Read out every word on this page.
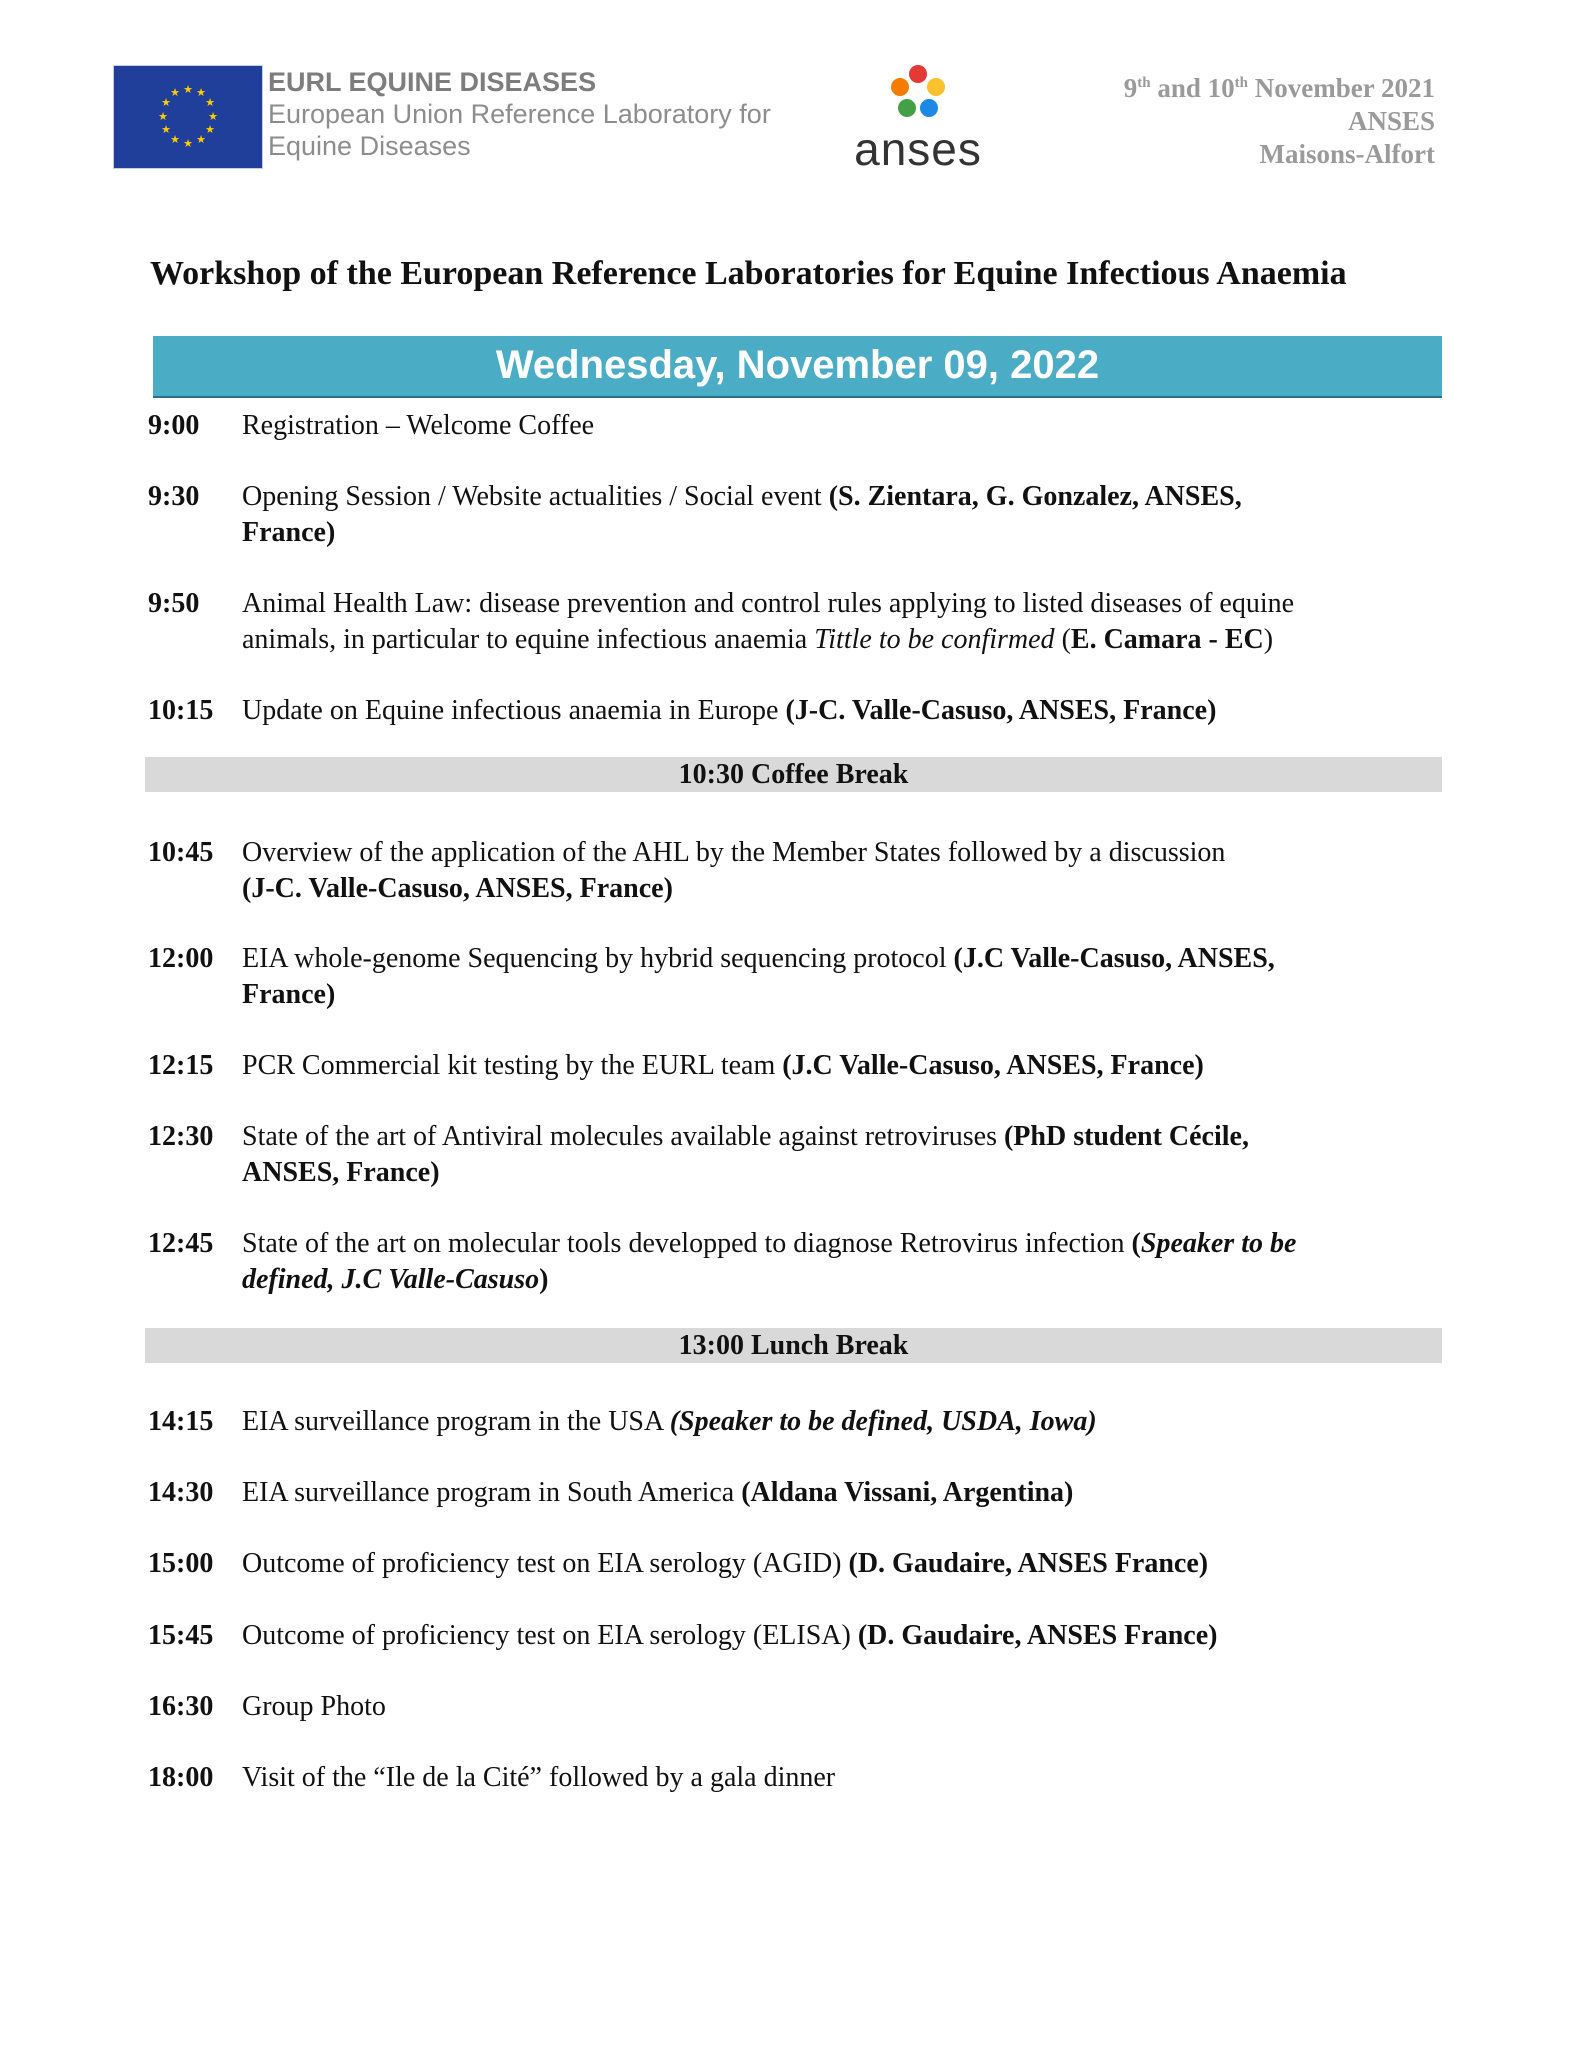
★ ★
★
★
★
★
★
★
★
★
★
★	EURL EQUINE DISEASES
European Union Reference Laboratory for
Equine Diseases	anses
9th and 10th November 2021
ANSES
Maisons-Alfort
Workshop of the European Reference Laboratories for Equine Infectious Anaemia
Wednesday, November 09, 2022
9:00	Registration – Welcome Coffee
9:30	Opening Session / Website actualities / Social event (S. Zientara, G. Gonzalez, ANSES,
France)
9:50	Animal Health Law: disease prevention and control rules applying to listed diseases of equine
animals, in particular to equine infectious anaemia Tittle to be confirmed (E. Camara - EC)
10:15	Update on Equine infectious anaemia in Europe (J-C. Valle-Casuso, ANSES, France)
10:30 Coffee Break
10:45	Overview of the application of the AHL by the Member States followed by a discussion
(J-C. Valle-Casuso, ANSES, France)
12:00	EIA whole-genome Sequencing by hybrid sequencing protocol (J.C Valle-Casuso, ANSES,
France)
12:15	PCR Commercial kit testing by the EURL team (J.C Valle-Casuso, ANSES, France)
12:30	State of the art of Antiviral molecules available against retroviruses (PhD student Cécile,
ANSES, France)
12:45	State of the art on molecular tools developped to diagnose Retrovirus infection (Speaker to be
defined, J.C Valle-Casuso)
13:00 Lunch Break
14:15	EIA surveillance program in the USA (Speaker to be defined, USDA, Iowa)
14:30	EIA surveillance program in South America (Aldana Vissani, Argentina)
15:00	Outcome of proficiency test on EIA serology (AGID) (D. Gaudaire, ANSES France)
15:45	Outcome of proficiency test on EIA serology (ELISA) (D. Gaudaire, ANSES France)
16:30	Group Photo
18:00	Visit of the “Ile de la Cité” followed by a gala dinner
